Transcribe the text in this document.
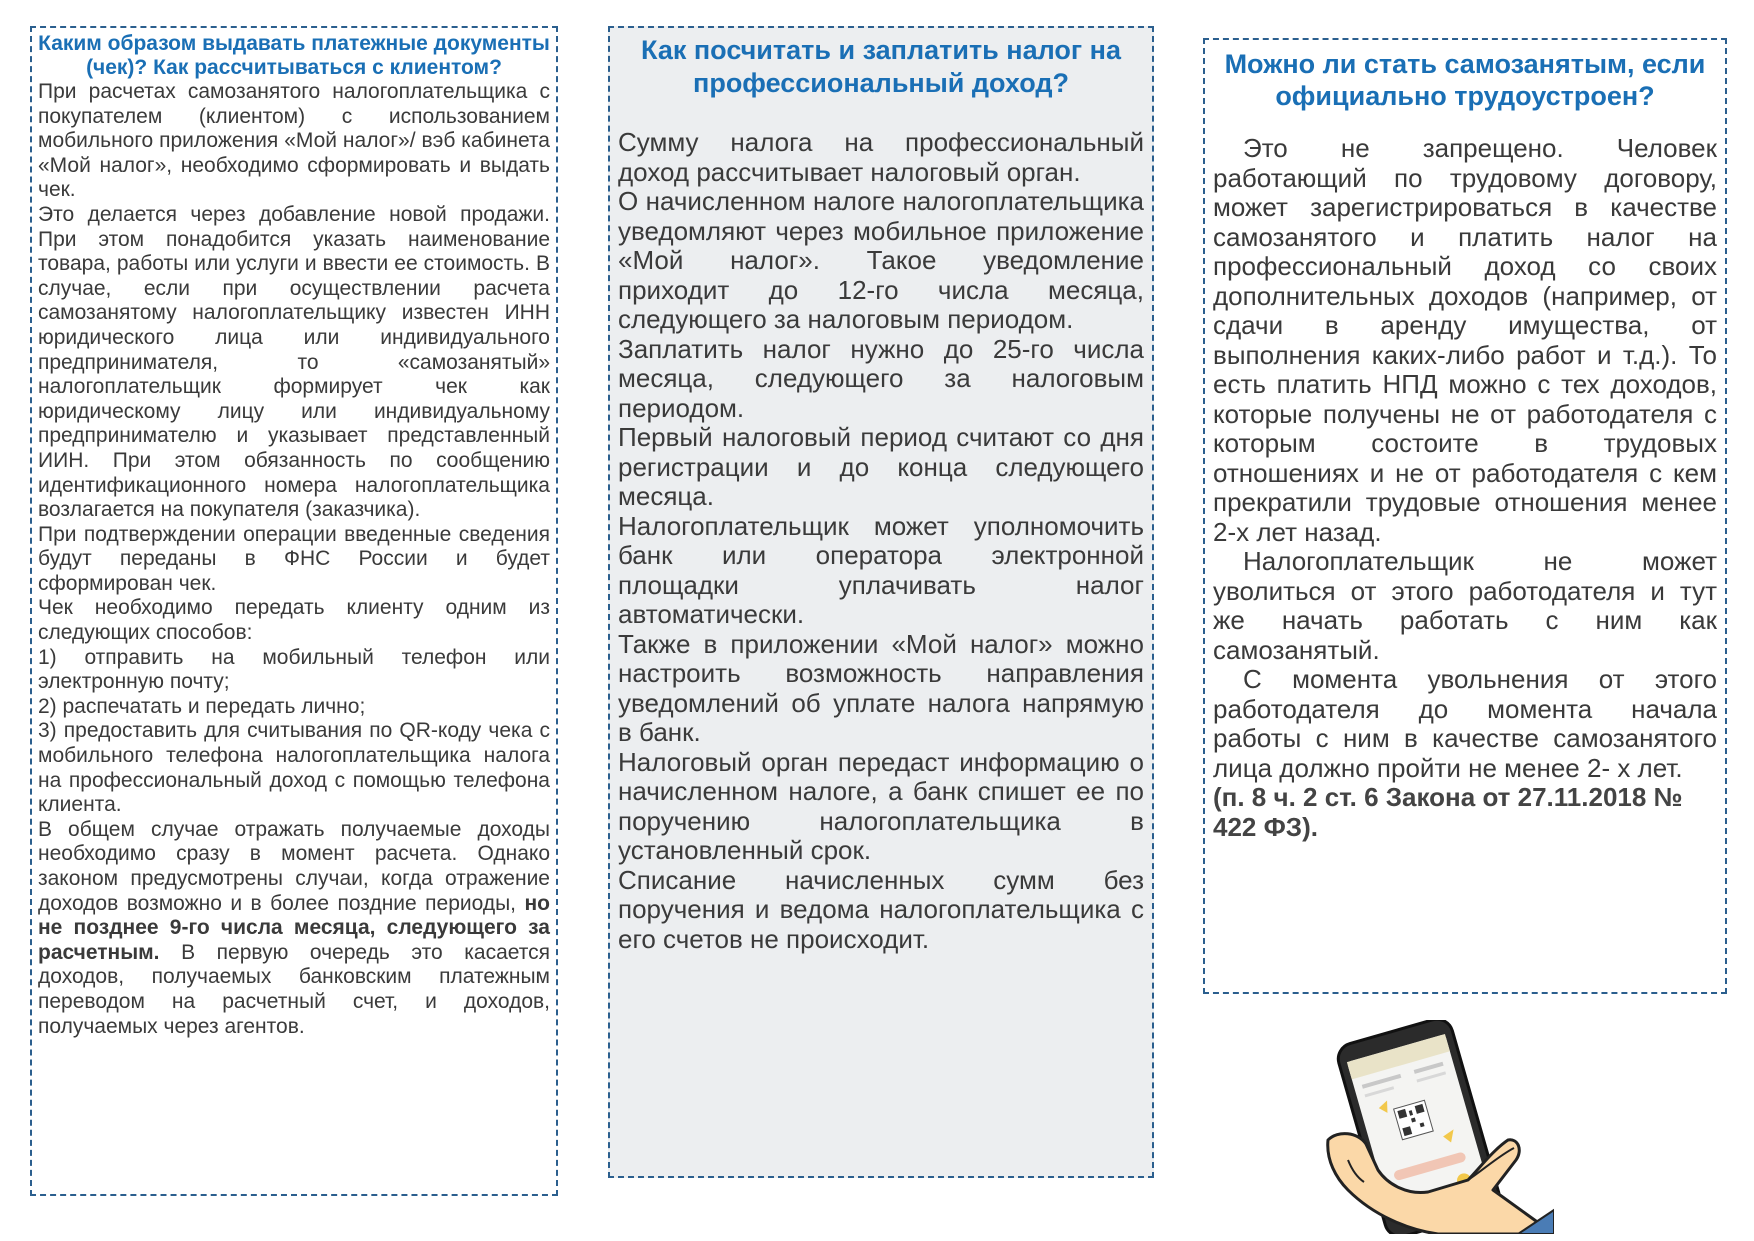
Каким образом выдавать платежные документы (чек)? Как рассчитываться с клиентом?

При расчетах самозанятого налогоплательщика с покупателем (клиентом) с использованием мобильного приложения «Мой налог»/ вэб кабинета «Мой налог», необходимо сформировать и выдать чек.

Это делается через добавление новой продажи. При этом понадобится указать наименование товара, работы или услуги и ввести ее стоимость. В случае, если при осуществлении расчета самозанятому налогоплательщику известен ИНН юридического лица или индивидуального предпринимателя, то «самозанятый» налогоплательщик формирует чек как юридическому лицу или индивидуальному предпринимателю и указывает представленный ИИН. При этом обязанность по сообщению идентификационного номера налогоплательщика возлагается на покупателя (заказчика).

При подтверждении операции введенные сведения будут переданы в ФНС России и будет сформирован чек.

Чек необходимо передать клиенту одним из следующих способов:

1) отправить на мобильный телефон или электронную почту;

2) распечатать и передать лично;

3) предоставить для считывания по QR-коду чека с мобильного телефона налогоплательщика налога на профессиональный доход с помощью телефона клиента.

В общем случае отражать получаемые доходы необходимо сразу в момент расчета. Однако законом предусмотрены случаи, когда отражение доходов возможно и в более поздние периоды, но не позднее 9-го числа месяца, следующего за расчетным. В первую очередь это касается доходов, получаемых банковским платежным переводом на расчетный счет, и доходов, получаемых через агентов.

Как посчитать и заплатить налог на профессиональный доход?

Сумму налога на профессиональный доход рассчитывает налоговый орган.

О начисленном налоге налогоплательщика уведомляют через мобильное приложение «Мой налог». Такое уведомление приходит до 12-го числа месяца, следующего за налоговым периодом.

Заплатить налог нужно до 25-го числа месяца, следующего за налоговым периодом.

Первый налоговый период считают со дня регистрации и до конца следующего месяца.

Налогоплательщик может уполномочить банк или оператора электронной площадки уплачивать налог автоматически.

Также в приложении «Мой налог» можно настроить возможность направления уведомлений об уплате налога напрямую в банк.

Налоговый орган передаст информацию о начисленном налоге, а банк спишет ее по поручению налогоплательщика в установленный срок.

Списание начисленных сумм без поручения и ведома налогоплательщика с его счетов не происходит.

Можно ли стать самозанятым, если официально трудоустроен?

Это не запрещено. Человек работающий по трудовому договору, может зарегистрироваться в качестве самозанятого и платить налог на профессиональный доход со своих дополнительных доходов (например, от сдачи в аренду имущества, от выполнения каких-либо работ и т.д.). То есть платить НПД можно с тех доходов, которые получены не от работодателя с которым состоите в трудовых отношениях и не от работодателя с кем прекратили трудовые отношения менее 2-х лет назад.

Налогоплательщик не может уволиться от этого работодателя и тут же начать работать с ним как самозанятый.

С момента увольнения от этого работодателя до момента начала работы с ним в качестве самозанятого лица должно пройти не менее 2- х лет.

(п. 8 ч. 2 ст. 6 Закона от 27.11.2018 № 422 ФЗ).
